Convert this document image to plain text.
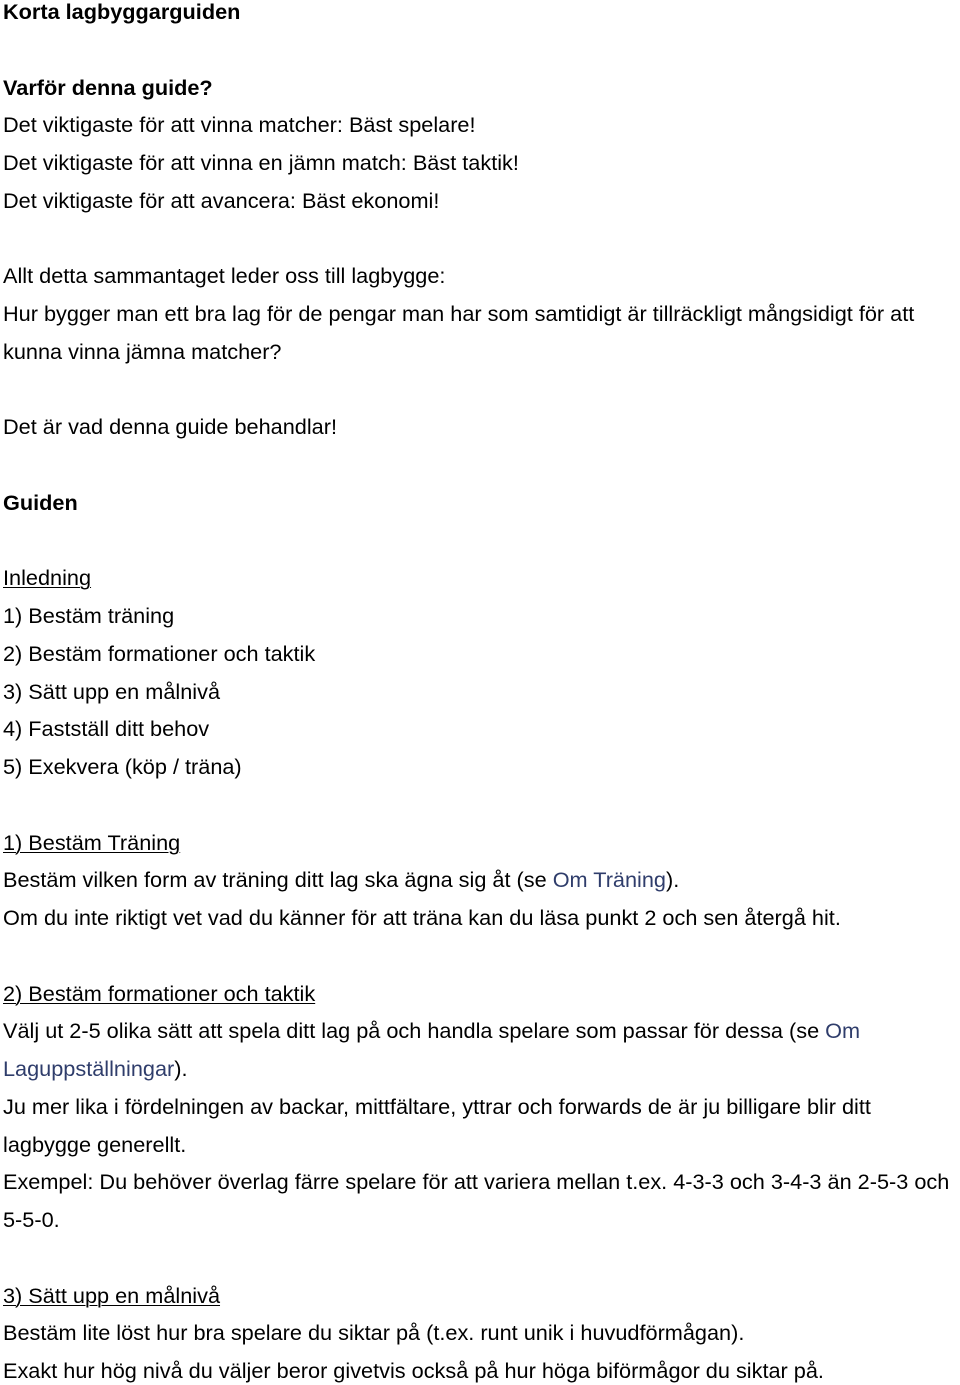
Korta lagbyggarguiden
Varför denna guide?
Det viktigaste för att vinna matcher: Bäst spelare!
Det viktigaste för att vinna en jämn match: Bäst taktik!
Det viktigaste för att avancera: Bäst ekonomi!
Allt detta sammantaget leder oss till lagbygge:
Hur bygger man ett bra lag för de pengar man har som samtidigt är tillräckligt mångsidigt för att
kunna vinna jämna matcher?
Det är vad denna guide behandlar!
Guiden
Inledning
1) Bestäm träning
2) Bestäm formationer och taktik
3) Sätt upp en målnivå
4) Fastställ ditt behov
5) Exekvera (köp / träna)
1) Bestäm Träning
Bestäm vilken form av träning ditt lag ska ägna sig åt (se Om Träning).
Om du inte riktigt vet vad du känner för att träna kan du läsa punkt 2 och sen återgå hit.
2) Bestäm formationer och taktik
Välj ut 2-5 olika sätt att spela ditt lag på och handla spelare som passar för dessa (se Om
Laguppställningar).
Ju mer lika i fördelningen av backar, mittfältare, yttrar och forwards de är ju billigare blir ditt
lagbygge generellt.
Exempel: Du behöver överlag färre spelare för att variera mellan t.ex. 4-3-3 och 3-4-3 än 2-5-3 och
5-5-0.
3) Sätt upp en målnivå
Bestäm lite löst hur bra spelare du siktar på (t.ex. runt unik i huvudförmågan).
Exakt hur hög nivå du väljer beror givetvis också på hur höga biförmågor du siktar på.
